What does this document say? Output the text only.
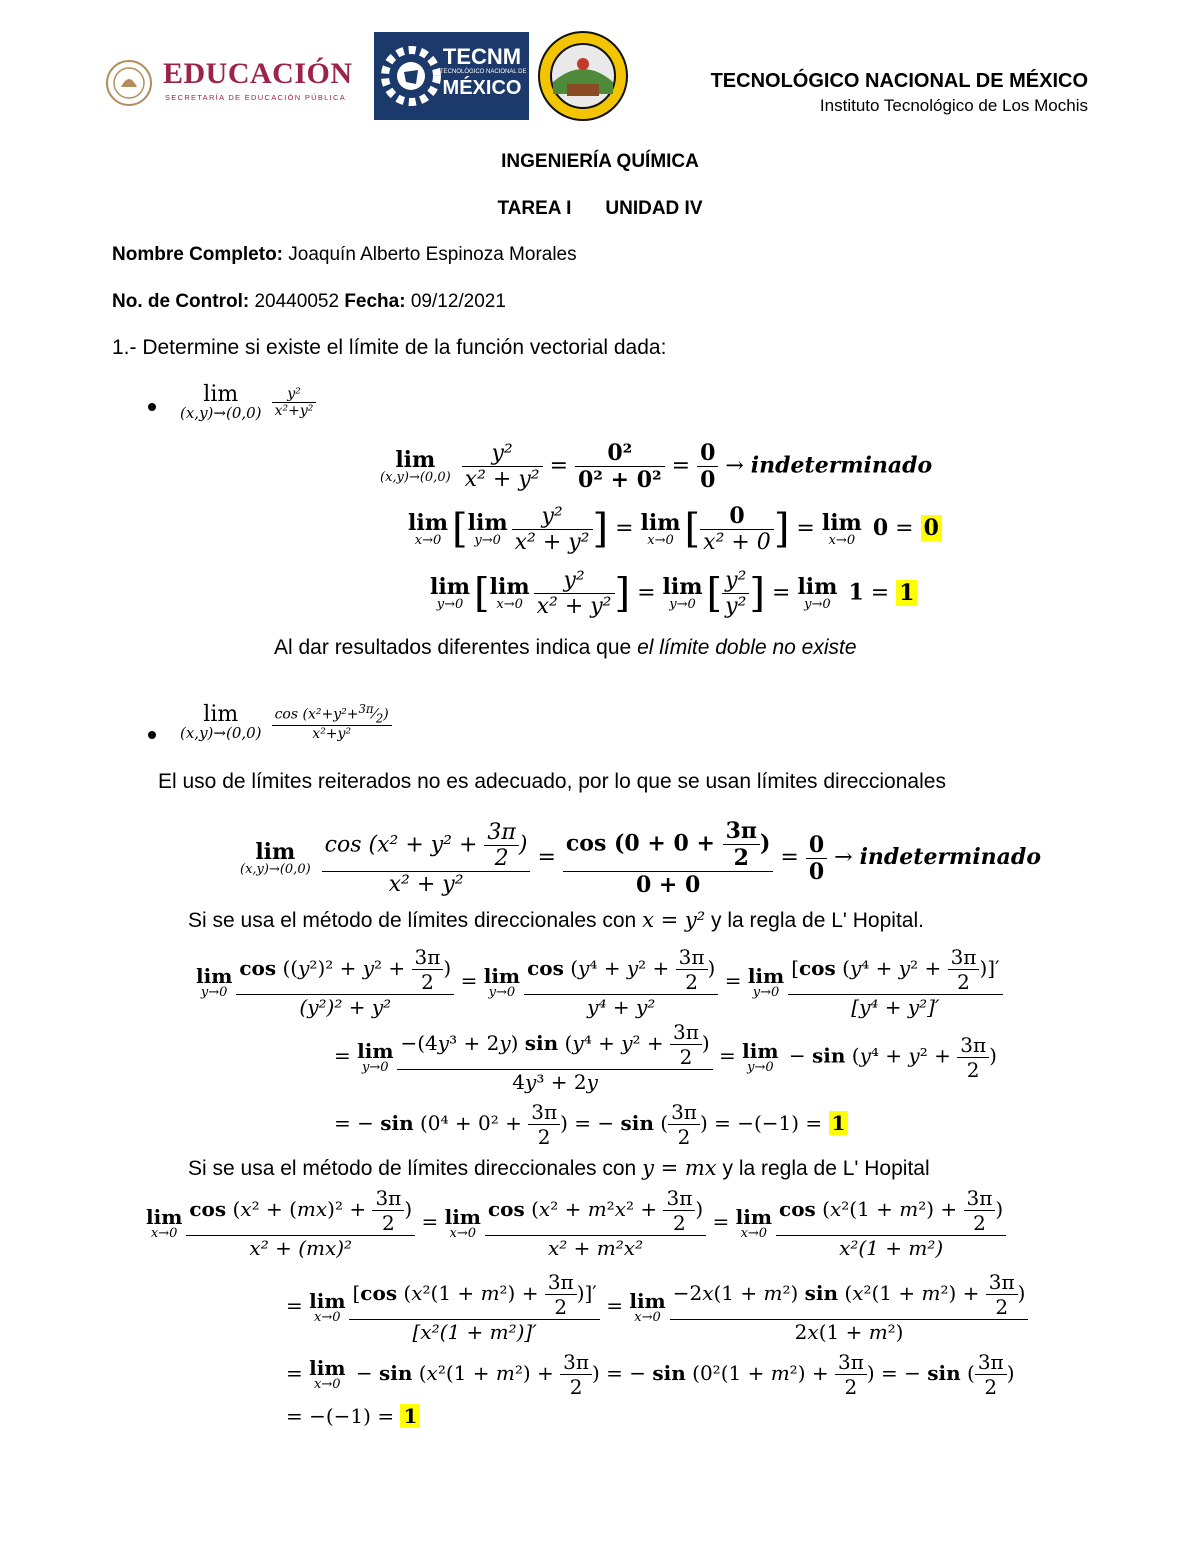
EDUCACIÓN
SECRETARÍA DE EDUCACIÓN PÚBLICA
TECNM
TECNOLÓGICO NACIONAL DE
MÉXICO	TECNOLÓGICO NACIONAL DE MÉXICO
Instituto Tecnológico de Los Mochis
INGENIERÍA QUÍMICA
TAREA I UNIDAD IV
Nombre Completo: Joaquín Alberto Espinoza Morales
No. de Control: 20440052 Fecha: 09/12/2021
1.- Determine si existe el límite de la función vectorial dada:
lim
(x,y)→(0,0)
$\frac{\text{y²}}{\text{x²+y²}}$
lim
(x,y)→(0,0)
$\frac{\text{y²}}{\text{x² + y²}} = \frac{\text{0²}}{\text{0² + 0²}} = \frac{0}{0}$ → indeterminado
lim
x→0 [ lim
$y\to 0 \frac{\text{y²}}{\text{x² + y²}}$ ] = lim
x→0 [ $\frac{0}{\text{x² + 0}}$ ] = lim
x→0 0 = 0
lim
y→0 [ lim
$x\to 0 \frac{\text{y²}}{\text{x² + y²}}$ ] = lim
y→0 [ $\frac{\text{y²}}{\text{y²}}$ ] = lim
y→0 1 = 1
Al dar resultados diferentes indica que el límite doble no existe
lim
(x,y)→(0,0)
$\frac{\cos (x^2+y^2+^{3\pi}⁄_2)}{\text{x²+y²}}$
El uso de límites reiterados no es adecuado, por lo que se usan límites direccionales
lim
(x,y)→(0,0)
$\frac{\cos (x^2 + y^2 + \frac{3\pi}{2} )}{\text{x² + y²}} = \frac{\cos (0 + 0 + \frac{3\pi}{2} )}{0 + 0} = \frac{0}{0}$ → indeterminado
Si se usa el método de límites direccionales con x = y² y la regla de L' Hopital.
lim
$y\to 0 \frac{\cos ((y^2)^2 + y^2 + \frac{3\pi}{2} )}{\text{(y²)² + y²}} = \lim$
$y\to 0 \frac{\cos (y^4 + y^2 + \frac{3\pi}{2} )}{\text{y⁴ + y²}} = \lim$
$y\to 0 \frac{[\cos (y^4 + y^2 + \frac{3\pi}{2} )]'}{\text{[y⁴ + y²]′}}$
= lim
$y\to 0 \frac{-(4y^3 + 2y) \sin (y^4 + y^2 + \frac{3\pi}{2} )}{\text{4y³ + 2y}} = \lim$
$y\to 0 - \sin (y^4 + y^2 + \frac{3\pi}{2}$ )
= − $\sin (0^4 + 0^2 + \frac{3\pi}{2}$ ) = − sin ( $\frac{3\pi}{2}$ ) = −(−1) = 1
Si se usa el método de límites direccionales con y = mx y la regla de L' Hopital
lim
$x\to 0 \frac{\cos (x^2 + (mx)^2 + \frac{3\pi}{2} )}{\text{x² + (mx)²}} = \lim$
$x\to 0 \frac{\cos (x^2 + m^2x^2 + \frac{3\pi}{2} )}{\text{x² + m²x²}} = \lim$
$x\to 0 \frac{\cos (x^2(1 + m^2) + \frac{3\pi}{2} )}{\text{x²(1 + m²)}}$
= lim
$x\to 0 \frac{[\cos (x^2(1 + m^2) + \frac{3\pi}{2} )]'}{\text{[x²(1 + m²)]′}} = \lim$
$x\to 0 \frac{-2x(1 + m^2) \sin (x^2(1 + m^2) + \frac{3\pi}{2} )}{\text{2x(1 + m²)}}$
= lim
$x\to 0 - \sin (x^2(1 + m^2) + \frac{3\pi}{2}$ ) = − $\sin (0^2(1 + m^2) + \frac{3\pi}{2}$ ) = − sin ( $\frac{3\pi}{2}$ )
= −(−1) = 1
